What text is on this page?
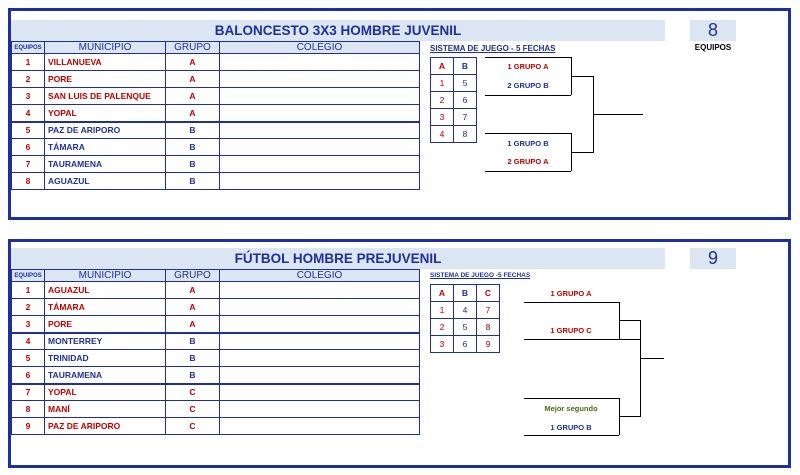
BALONCESTO 3X3 HOMBRE JUVENIL	8
EQUIPOS
EQUIPOS	MUNICIPIO	GRUPO	COLEGIO
1	VILLANUEVA	A	
2	PORE	A	
3	SAN LUIS DE PALENQUE	A	
4	YOPAL	A	
5	PAZ DE ARIPORO	B	
6	TÁMARA	B	
7	TAURAMENA	B	
8	AGUAZUL	B	
SISTEMA DE JUEGO - 5 FECHAS
A	B
1	5
2	6
3	7
4	8
1 GRUPO A
2 GRUPO B
1 GRUPO B
2 GRUPO A
FÚTBOL HOMBRE PREJUVENIL	9
EQUIPOS	MUNICIPIO	GRUPO	COLEGIO
1	AGUAZUL	A	
2	TÁMARA	A	
3	PORE	A	
4	MONTERREY	B	
5	TRINIDAD	B	
6	TAURAMENA	B	
7	YOPAL	C	
8	MANÍ	C	
9	PAZ DE ARIPORO	C	
SISTEMA DE JUEGO -5 FECHAS
A	B	C
1	4	7
2	5	8
3	6	9
1 GRUPO A
1 GRUPO C
Mejor segundo
1 GRUPO B
